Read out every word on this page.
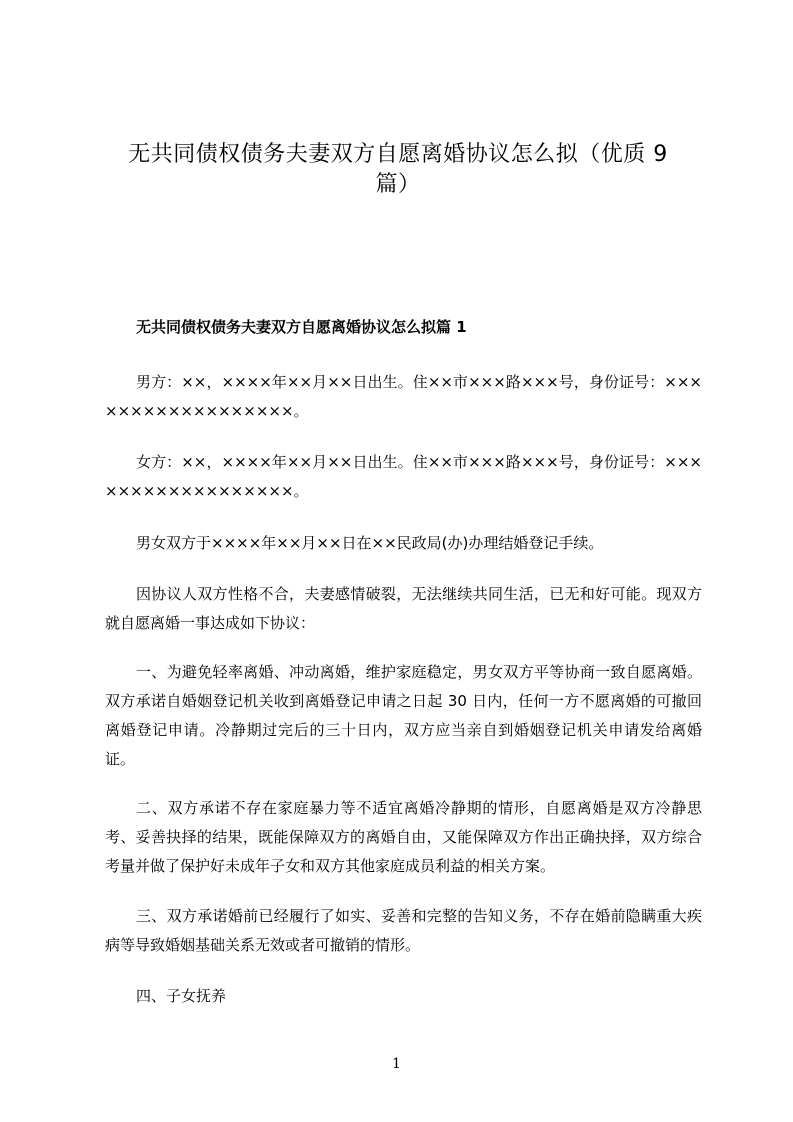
无共同债权债务夫妻双方自愿离婚协议怎么拟（优质 9 篇）
无共同债权债务夫妻双方自愿离婚协议怎么拟篇 1
男方：××，××××年××月××日出生。住××市×××路×××号，身份证号：××××××××××××××××××。
女方：××，××××年××月××日出生。住××市×××路×××号，身份证号：××××××××××××××××××。
男女双方于××××年××月××日在××民政局(办)办理结婚登记手续。
因协议人双方性格不合，夫妻感情破裂，无法继续共同生活，已无和好可能。现双方就自愿离婚一事达成如下协议：
一、为避免轻率离婚、冲动离婚，维护家庭稳定，男女双方平等协商一致自愿离婚。双方承诺自婚姻登记机关收到离婚登记申请之日起 30 日内，任何一方不愿离婚的可撤回离婚登记申请。冷静期过完后的三十日内，双方应当亲自到婚姻登记机关申请发给离婚证。
二、双方承诺不存在家庭暴力等不适宜离婚冷静期的情形，自愿离婚是双方冷静思考、妥善抉择的结果，既能保障双方的离婚自由，又能保障双方作出正确抉择，双方综合考量并做了保护好未成年子女和双方其他家庭成员利益的相关方案。
三、双方承诺婚前已经履行了如实、妥善和完整的告知义务，不存在婚前隐瞒重大疾病等导致婚姻基础关系无效或者可撤销的情形。
四、子女抚养
1
